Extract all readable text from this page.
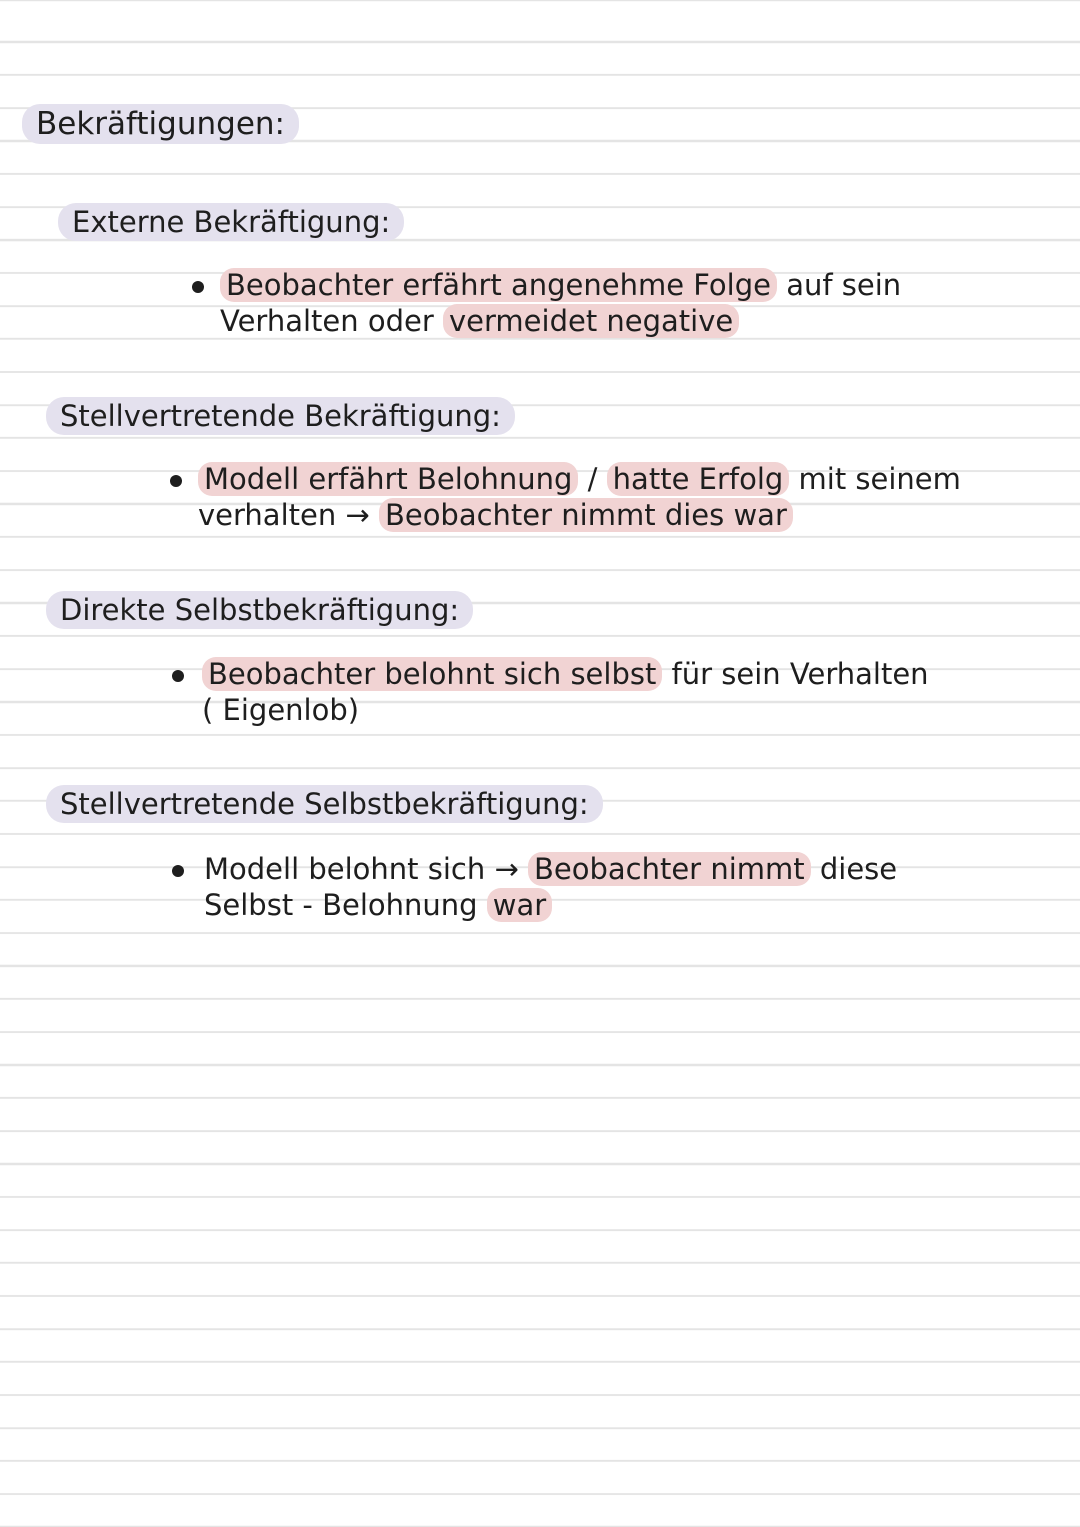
Bekräftigungen:
Externe Bekräftigung:
Beobachter erfährt angenehme Folge auf sein
Verhalten oder vermeidet negative
Stellvertretende Bekräftigung:
Modell erfährt Belohnung / hatte Erfolg mit seinem
verhalten → Beobachter nimmt dies war
Direkte Selbstbekräftigung:
Beobachter belohnt sich selbst für sein Verhalten
( Eigenlob)
Stellvertretende Selbstbekräftigung:
Modell belohnt sich → Beobachter nimmt diese
Selbst - Belohnung war
